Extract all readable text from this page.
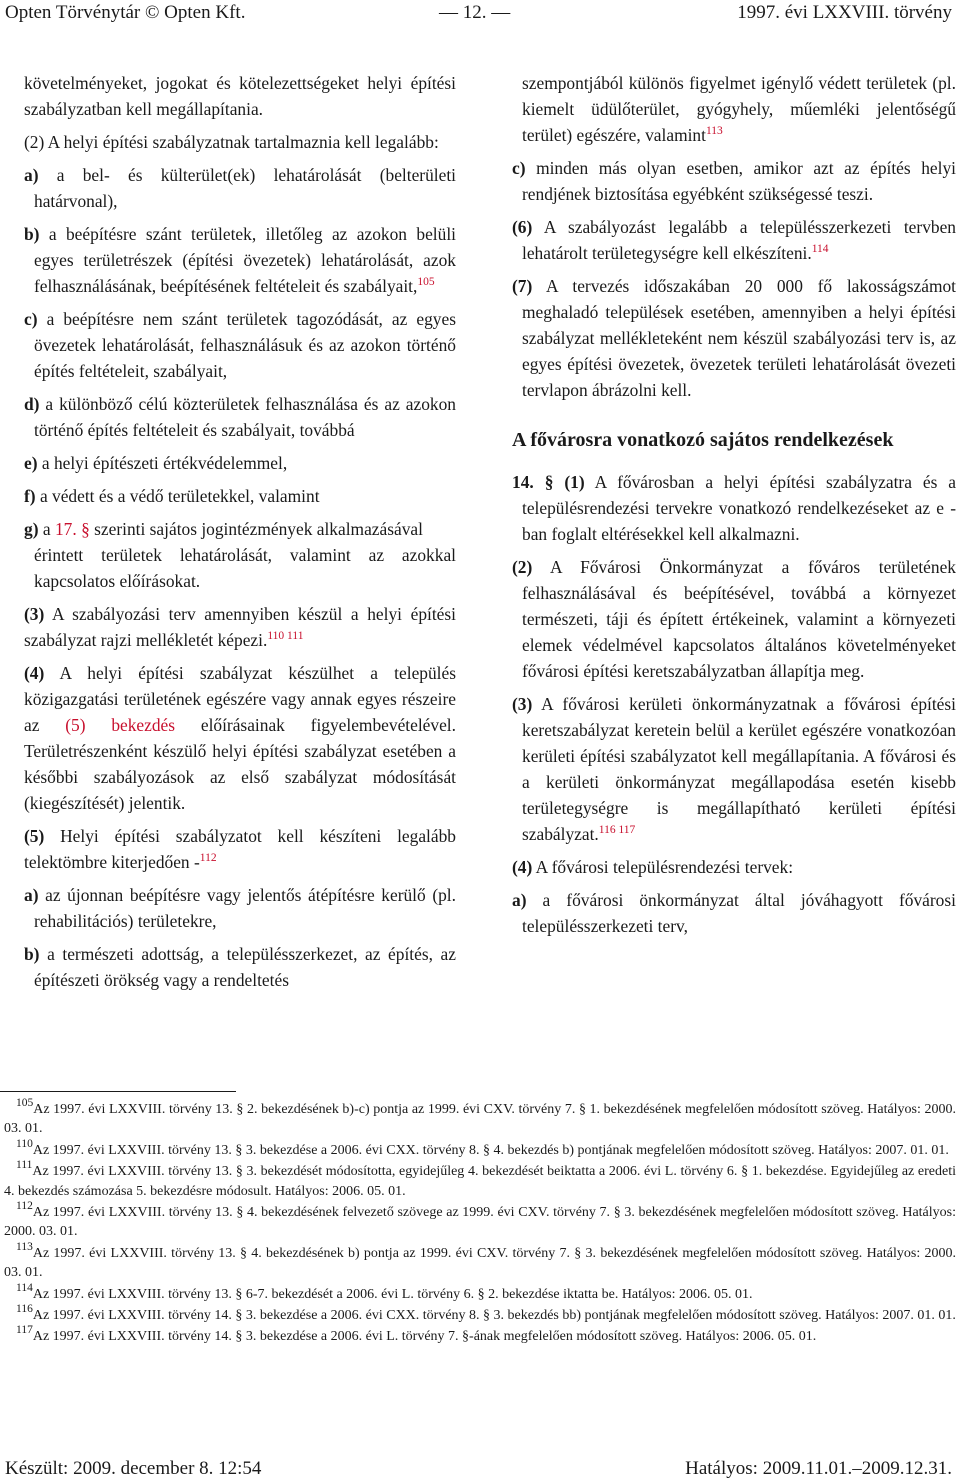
Opten Törvénytár © Opten Kft.	— 12. —	1997. évi LXXVIII. törvény

követelményeket, jogokat és kötelezettségeket helyi építési szabályzatban kell megállapítania.

(2) A helyi építési szabályzatnak tartalmaznia kell legalább:

a) a bel- és külterület(ek) lehatárolását (belterületi határvonal),

b) a beépítésre szánt területek, illetőleg az azokon belüli egyes területrészek (építési övezetek) lehatárolását, azok felhasználásának, beépítésének feltételeit és szabályait,$^{105}$

c) a beépítésre nem szánt területek tagozódását, az egyes övezetek lehatárolását, felhasználásuk és az azokon történő építés feltételeit, szabályait,

d) a különböző célú közterületek felhasználása és az azokon történő építés feltételeit és szabályait, továbbá

e) a helyi építészeti értékvédelemmel,

f) a védett és a védő területekkel, valamint

g) a 17. § szerinti sajátos jogintézmények alkalmazásával

érintett területek lehatárolását, valamint az azokkal kapcsolatos előírásokat.

(3) A szabályozási terv amennyiben készül a helyi építési szabályzat rajzi mellékletét képezi.$^{110 111}$

(4) A helyi építési szabályzat készülhet a település közigazgatási területének egészére vagy annak egyes részeire az (5) bekezdés előírásainak figyelembevételével. Területrészenként készülő helyi építési szabályzat esetében a későbbi szabályozások az első szabályzat módosítását (kiegészítését) jelentik.

(5) Helyi építési szabályzatot kell készíteni legalább telektömbre kiterjedően -$^{112}$

a) az újonnan beépítésre vagy jelentős átépítésre kerülő (pl. rehabilitációs) területekre,

b) a természeti adottság, a településszerkezet, az építés, az építészeti örökség vagy a rendeltetés

szempontjából különös figyelmet igénylő védett területek (pl. kiemelt üdülőterület, gyógyhely, műemléki jelentőségű terület) egészére, valamint$^{113}$

c) minden más olyan esetben, amikor azt az építés helyi rendjének biztosítása egyébként szükségessé teszi.

(6) A szabályozást legalább a településszerkezeti tervben lehatárolt területegységre kell elkészíteni.$^{114}$

(7) A tervezés időszakában 20 000 fő lakosságszámot meghaladó települések esetében, amennyiben a helyi építési szabályzat mellékleteként nem készül szabályozási terv is, az egyes építési övezetek, övezetek területi lehatárolását övezeti tervlapon ábrázolni kell.

A fővárosra vonatkozó sajátos rendelkezések

14. § (1) A fővárosban a helyi építési szabályzatra és a településrendezési tervekre vonatkozó rendelkezéseket az e -ban foglalt eltérésekkel kell alkalmazni.

(2) A Fővárosi Önkormányzat a főváros területének felhasználásával és beépítésével, továbbá a környezet természeti, táji és épített értékeinek, valamint a környezeti elemek védelmével kapcsolatos általános követelményeket fővárosi építési keretszabályzatban állapítja meg.

(3) A fővárosi kerületi önkormányzatnak a fővárosi építési keretszabályzat keretein belül a kerület egészére vonatkozóan kerületi építési szabályzatot kell megállapítania. A fővárosi és a kerületi önkormányzat megállapodása esetén kisebb területegységre is megállapítható kerületi építési szabályzat.$^{116 117}$

(4) A fővárosi településrendezési tervek:

a) a fővárosi önkormányzat által jóváhagyott fővárosi településszerkezeti terv,

$^{105}$Az 1997. évi LXXVIII. törvény 13. § 2. bekezdésének b)-c) pontja az 1999. évi CXV. törvény 7. § 1. bekezdésének megfelelően módosított szöveg. Hatályos: 2000. 03. 01.

$^{110}$Az 1997. évi LXXVIII. törvény 13. § 3. bekezdése a 2006. évi CXX. törvény 8. § 4. bekezdés b) pontjának megfelelően módosított szöveg. Hatályos: 2007. 01. 01.

$^{111}$Az 1997. évi LXXVIII. törvény 13. § 3. bekezdését módosította, egyidejűleg 4. bekezdését beiktatta a 2006. évi L. törvény 6. § 1. bekezdése. Egyidejűleg az eredeti 4. bekezdés számozása 5. bekezdésre módosult. Hatályos: 2006. 05. 01.

$^{112}$Az 1997. évi LXXVIII. törvény 13. § 4. bekezdésének felvezető szövege az 1999. évi CXV. törvény 7. § 3. bekezdésének megfelelően módosított szöveg. Hatályos: 2000. 03. 01.

$^{113}$Az 1997. évi LXXVIII. törvény 13. § 4. bekezdésének b) pontja az 1999. évi CXV. törvény 7. § 3. bekezdésének megfelelően módosított szöveg. Hatályos: 2000. 03. 01.

$^{114}$Az 1997. évi LXXVIII. törvény 13. § 6-7. bekezdését a 2006. évi L. törvény 6. § 2. bekezdése iktatta be. Hatályos: 2006. 05. 01.

$^{116}$Az 1997. évi LXXVIII. törvény 14. § 3. bekezdése a 2006. évi CXX. törvény 8. § 3. bekezdés bb) pontjának megfelelően módosított szöveg. Hatályos: 2007. 01. 01.

$^{117}$Az 1997. évi LXXVIII. törvény 14. § 3. bekezdése a 2006. évi L. törvény 7. §-ának megfelelően módosított szöveg. Hatályos: 2006. 05. 01.

Készült: 2009. december 8. 12:54	Hatályos: 2009.11.01.–2009.12.31.
